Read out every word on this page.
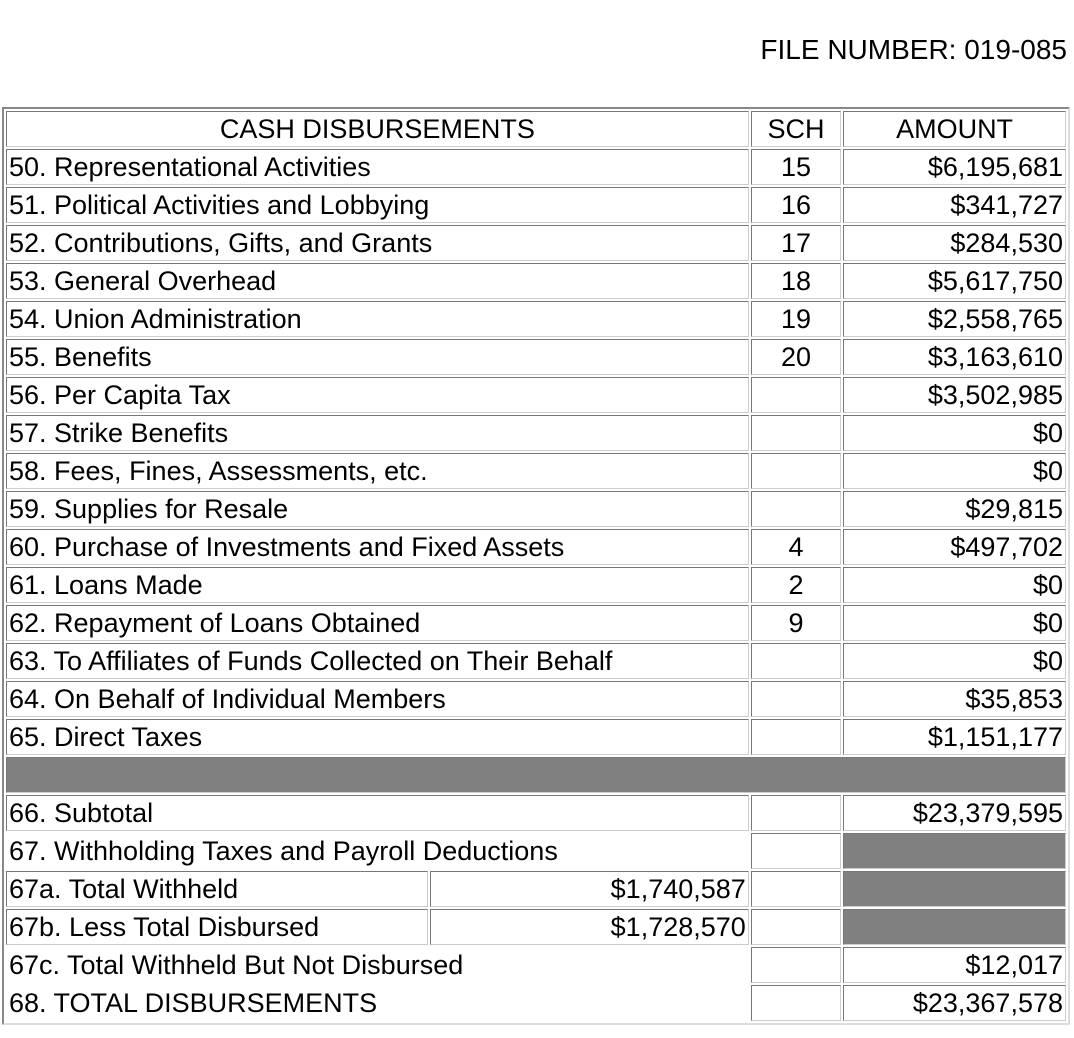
FILE NUMBER: 019-085
CASH DISBURSEMENTS		SCH	AMOUNT
50. Representational Activities		15	$6,195,681
51. Political Activities and Lobbying		16	$341,727
52. Contributions, Gifts, and Grants		17	$284,530
53. General Overhead		18	$5,617,750
54. Union Administration		19	$2,558,765
55. Benefits		20	$3,163,610
56. Per Capita Tax			$3,502,985
57. Strike Benefits			$0
58. Fees, Fines, Assessments, etc.			$0
59. Supplies for Resale			$29,815
60. Purchase of Investments and Fixed Assets		4	$497,702
61. Loans Made		2	$0
62. Repayment of Loans Obtained		9	$0
63. To Affiliates of Funds Collected on Their Behalf			$0
64. On Behalf of Individual Members			$35,853
65. Direct Taxes			$1,151,177

66. Subtotal			$23,379,595
67. Withholding Taxes and Payroll Deductions			
67a. Total Withheld	$1,740,587		
67b. Less Total Disbursed	$1,728,570		
67c. Total Withheld But Not Disbursed			$12,017
68. TOTAL DISBURSEMENTS			$23,367,578
